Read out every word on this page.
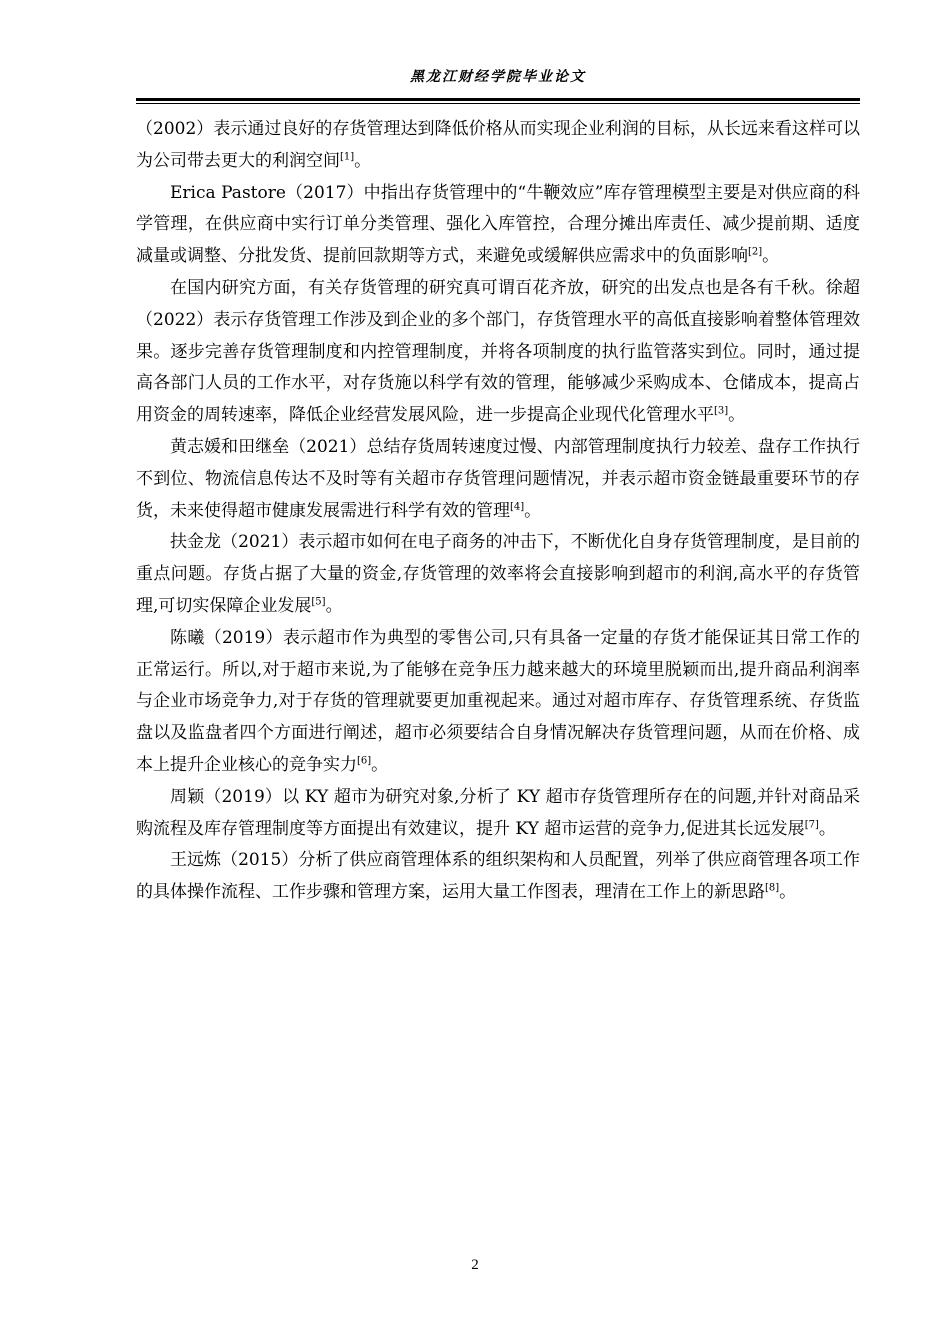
黑龙江财经学院毕业论文

（2002）表示通过良好的存货管理达到降低价格从而实现企业利润的目标，从长远来看这样可以为公司带去更大的利润空间[1]。

Erica Pastore（2017）中指出存货管理中的“牛鞭效应”库存管理模型主要是对供应商的科学管理，在供应商中实行订单分类管理、强化入库管控，合理分摊出库责任、减少提前期、适度减量或调整、分批发货、提前回款期等方式，来避免或缓解供应需求中的负面影响[2]。

在国内研究方面，有关存货管理的研究真可谓百花齐放，研究的出发点也是各有千秋。徐超（2022）表示存货管理工作涉及到企业的多个部门，存货管理水平的高低直接影响着整体管理效果。逐步完善存货管理制度和内控管理制度，并将各项制度的执行监管落实到位。同时，通过提高各部门人员的工作水平，对存货施以科学有效的管理，能够减少采购成本、仓储成本，提高占用资金的周转速率，降低企业经营发展风险，进一步提高企业现代化管理水平[3]。

黄志媛和田继垒（2021）总结存货周转速度过慢、内部管理制度执行力较差、盘存工作执行不到位、物流信息传达不及时等有关超市存货管理问题情况，并表示超市资金链最重要环节的存货，未来使得超市健康发展需进行科学有效的管理[4]。

扶金龙（2021）表示超市如何在电子商务的冲击下，不断优化自身存货管理制度，是目前的重点问题。存货占据了大量的资金,存货管理的效率将会直接影响到超市的利润,高水平的存货管理,可切实保障企业发展[5]。

陈曦（2019）表示超市作为典型的零售公司,只有具备一定量的存货才能保证其日常工作的正常运行。所以,对于超市来说,为了能够在竞争压力越来越大的环境里脱颖而出,提升商品利润率与企业市场竞争力,对于存货的管理就要更加重视起来。通过对超市库存、存货管理系统、存货监盘以及监盘者四个方面进行阐述，超市必须要结合自身情况解决存货管理问题，从而在价格、成本上提升企业核心的竞争实力[6]。

周颖（2019）以 KY 超市为研究对象,分析了 KY 超市存货管理所存在的问题,并针对商品采购流程及库存管理制度等方面提出有效建议，提升 KY 超市运营的竞争力,促进其长远发展[7]。

王远炼（2015）分析了供应商管理体系的组织架构和人员配置，列举了供应商管理各项工作的具体操作流程、工作步骤和管理方案，运用大量工作图表，理清在工作上的新思路[8]。

2
